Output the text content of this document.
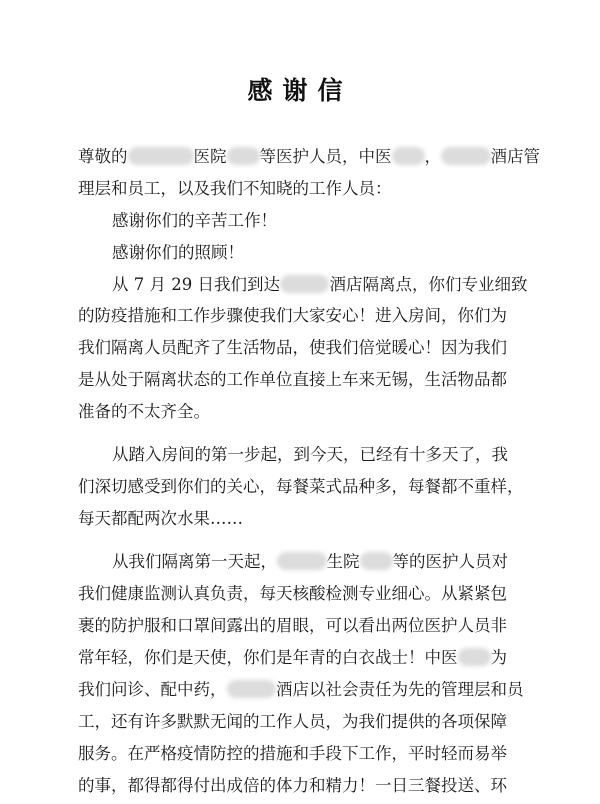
感谢信
尊敬的	医院 等医护人员，中医 ，	酒店管
理层和员工，以及我们不知晓的工作人员：
感谢你们的辛苦工作！
感谢你们的照顾！
从 7 月 29 日我们到达	酒店隔离点，你们专业细致
的防疫措施和工作步骤使我们大家安心！进入房间，你们为
我们隔离人员配齐了生活物品，使我们倍觉暖心！因为我们
是从处于隔离状态的工作单位直接上车来无锡，生活物品都
准备的不太齐全。
从踏入房间的第一步起，到今天，已经有十多天了，我
们深切感受到你们的关心，每餐菜式品种多，每餐都不重样，
每天都配两次水果……
从我们隔离第一天起，	生院 等的医护人员对
我们健康监测认真负责，每天核酸检测专业细心。从紧紧包
裹的防护服和口罩间露出的眉眼，可以看出两位医护人员非
常年轻，你们是天使，你们是年青的白衣战士！中医 为
我们问诊、配中药，	酒店以社会责任为先的管理层和员
工，还有许多默默无闻的工作人员，为我们提供的各项保障
服务。在严格疫情防控的措施和手段下工作，平时轻而易举
的事，都得都得付出成倍的体力和精力！一日三餐投送、环
